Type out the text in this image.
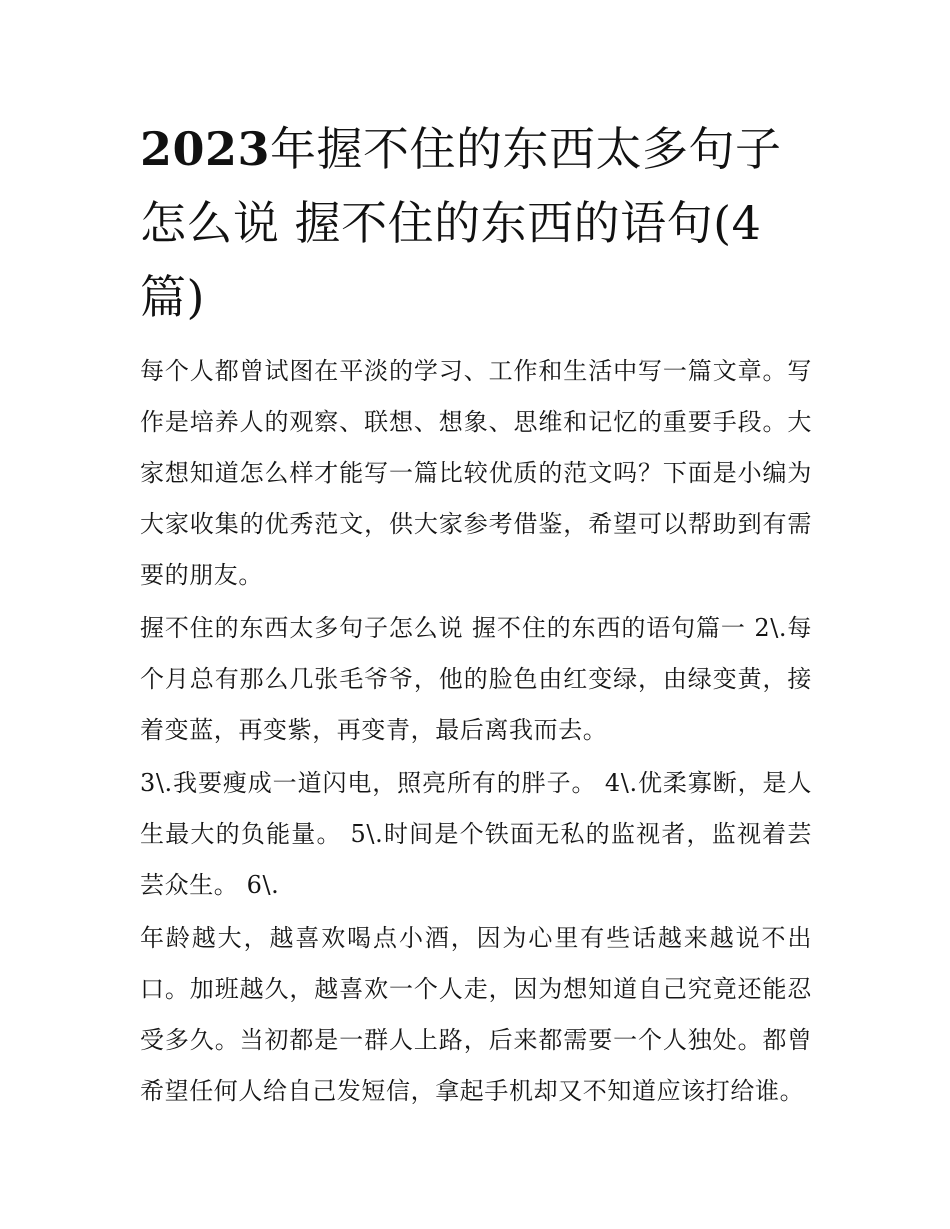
2023年握不住的东西太多句子怎么说 握不住的东西的语句(4篇)

每个人都曾试图在平淡的学习、工作和生活中写一篇文章。写作是培养人的观察、联想、想象、思维和记忆的重要手段。大家想知道怎么样才能写一篇比较优质的范文吗？下面是小编为大家收集的优秀范文，供大家参考借鉴，希望可以帮助到有需要的朋友。

握不住的东西太多句子怎么说 握不住的东西的语句篇一 2\.每个月总有那么几张毛爷爷，他的脸色由红变绿，由绿变黄，接着变蓝，再变紫，再变青，最后离我而去。

3\.我要瘦成一道闪电，照亮所有的胖子。 4\.优柔寡断，是人生最大的负能量。 5\.时间是个铁面无私的监视者，监视着芸芸众生。 6\.

年龄越大，越喜欢喝点小酒，因为心里有些话越来越说不出口。加班越久，越喜欢一个人走，因为想知道自己究竟还能忍受多久。当初都是一群人上路，后来都需要一个人独处。都曾希望任何人给自己发短信，拿起手机却又不知道应该打给谁。
